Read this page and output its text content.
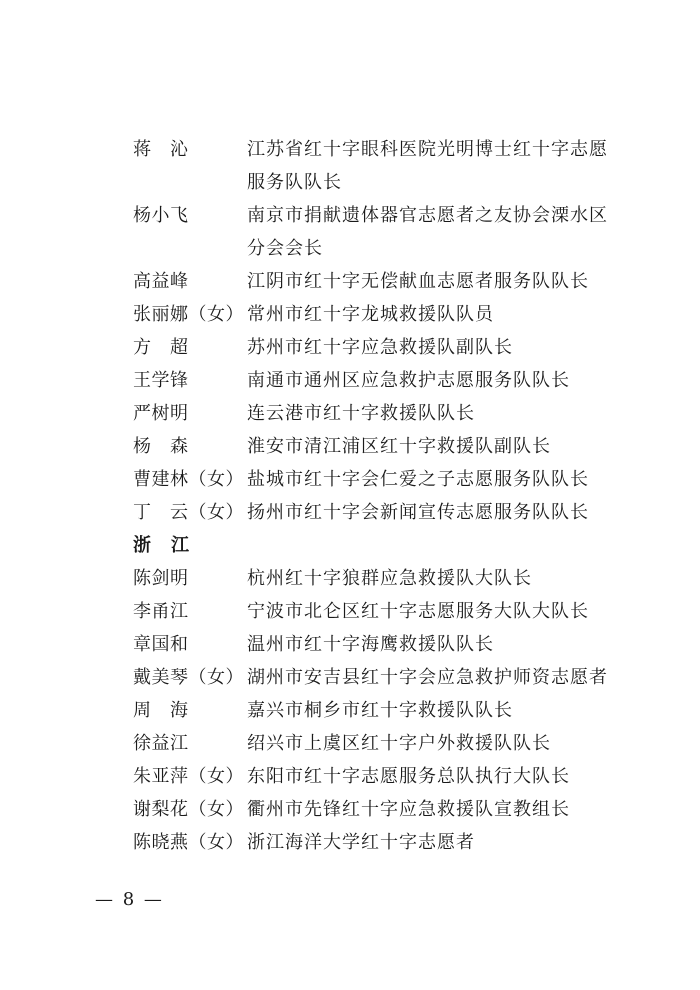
蒋　沁	江苏省红十字眼科医院光明博士红十字志愿
服务队队长
杨小飞	南京市捐献遗体器官志愿者之友协会溧水区
分会会长
高益峰	江阴市红十字无偿献血志愿者服务队队长
张丽娜（女） 常州市红十字龙城救援队队员
方　超	苏州市红十字应急救援队副队长
王学锋	南通市通州区应急救护志愿服务队队长
严树明	连云港市红十字救援队队长
杨　森	淮安市清江浦区红十字救援队副队长
曹建林（女） 盐城市红十字会仁爱之子志愿服务队队长
丁　云（女） 扬州市红十字会新闻宣传志愿服务队队长
浙　江
陈剑明	杭州红十字狼群应急救援队大队长
李甬江	宁波市北仑区红十字志愿服务大队大队长
章国和	温州市红十字海鹰救援队队长
戴美琴（女） 湖州市安吉县红十字会应急救护师资志愿者
周　海	嘉兴市桐乡市红十字救援队队长
徐益江	绍兴市上虞区红十字户外救援队队长
朱亚萍（女） 东阳市红十字志愿服务总队执行大队长
谢梨花（女） 衢州市先锋红十字应急救援队宣教组长
陈晓燕（女） 浙江海洋大学红十字志愿者
— 8 —
